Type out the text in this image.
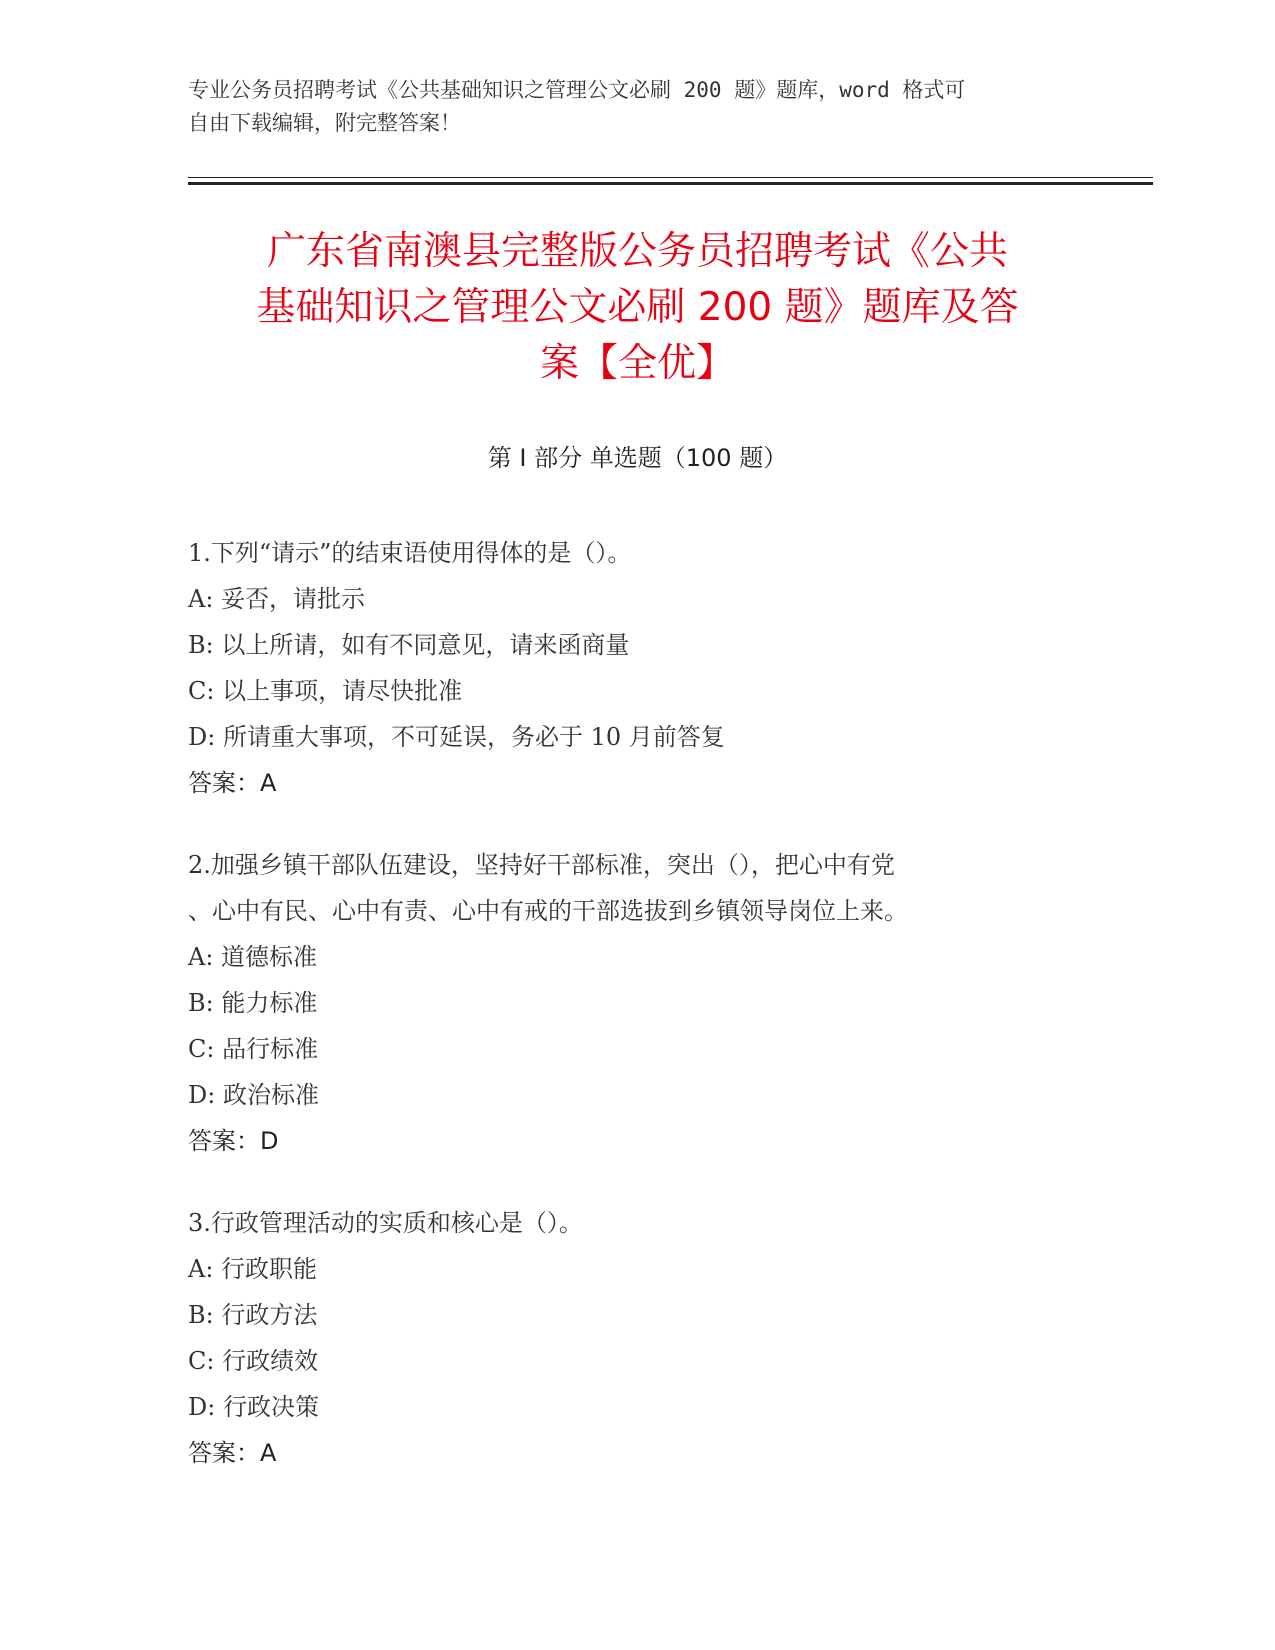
专业公务员招聘考试《公共基础知识之管理公文必刷 200 题》题库，word 格式可
自由下载编辑，附完整答案！
广东省南澳县完整版公务员招聘考试《公共
基础知识之管理公文必刷 200 题》题库及答
案【全优】
第 I 部分 单选题（100 题）
1.下列“请示”的结束语使用得体的是（）。
A: 妥否，请批示
B: 以上所请，如有不同意见，请来函商量
C: 以上事项，请尽快批准
D: 所请重大事项，不可延误，务必于 10 月前答复
答案：A
2.加强乡镇干部队伍建设，坚持好干部标准，突出（），把心中有党
、心中有民、心中有责、心中有戒的干部选拔到乡镇领导岗位上来。
A: 道德标准
B: 能力标准
C: 品行标准
D: 政治标准
答案：D
3.行政管理活动的实质和核心是（）。
A: 行政职能
B: 行政方法
C: 行政绩效
D: 行政决策
答案：A
